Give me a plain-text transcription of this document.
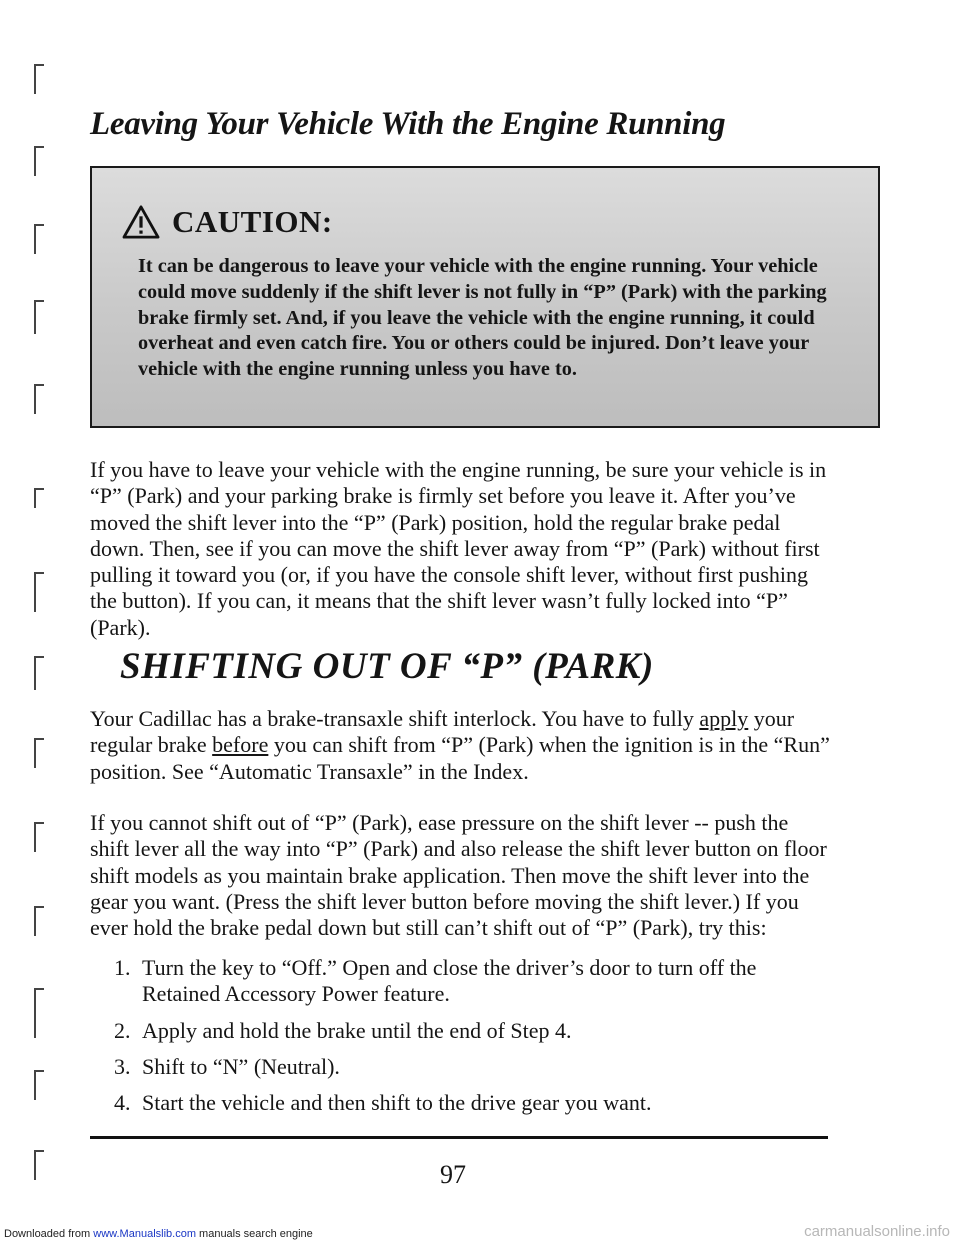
Leaving Your Vehicle With the Engine Running
CAUTION:

It can be dangerous to leave your vehicle with the engine running. Your vehicle could move suddenly if the shift lever is not fully in “P” (Park) with the parking brake firmly set. And, if you leave the vehicle with the engine running, it could overheat and even catch fire. You or others could be injured. Don’t leave your vehicle with the engine running unless you have to.

If you have to leave your vehicle with the engine running, be sure your vehicle is in “P” (Park) and your parking brake is firmly set before you leave it. After you’ve moved the shift lever into the “P” (Park) position, hold the regular brake pedal down. Then, see if you can move the shift lever away from “P” (Park) without first pulling it toward you (or, if you have the console shift lever, without first pushing the button). If you can, it means that the shift lever wasn’t fully locked into “P” (Park).

SHIFTING OUT OF “P” (PARK)

Your Cadillac has a brake-transaxle shift interlock. You have to fully apply your regular brake before you can shift from “P” (Park) when the ignition is in the “Run” position. See “Automatic Transaxle” in the Index.

If you cannot shift out of “P” (Park), ease pressure on the shift lever -- push the shift lever all the way into “P” (Park) and also release the shift lever button on floor shift models as you maintain brake application. Then move the shift lever into the gear you want. (Press the shift lever button before moving the shift lever.) If you ever hold the brake pedal down but still can’t shift out of “P” (Park), try this:

1. Turn the key to “Off.” Open and close the driver’s door to turn off the Retained Accessory Power feature.
2. Apply and hold the brake until the end of Step 4.
3. Shift to “N” (Neutral).
4. Start the vehicle and then shift to the drive gear you want.
97
Downloaded from www.Manualslib.com manuals search engine	carmanualsonline.info
